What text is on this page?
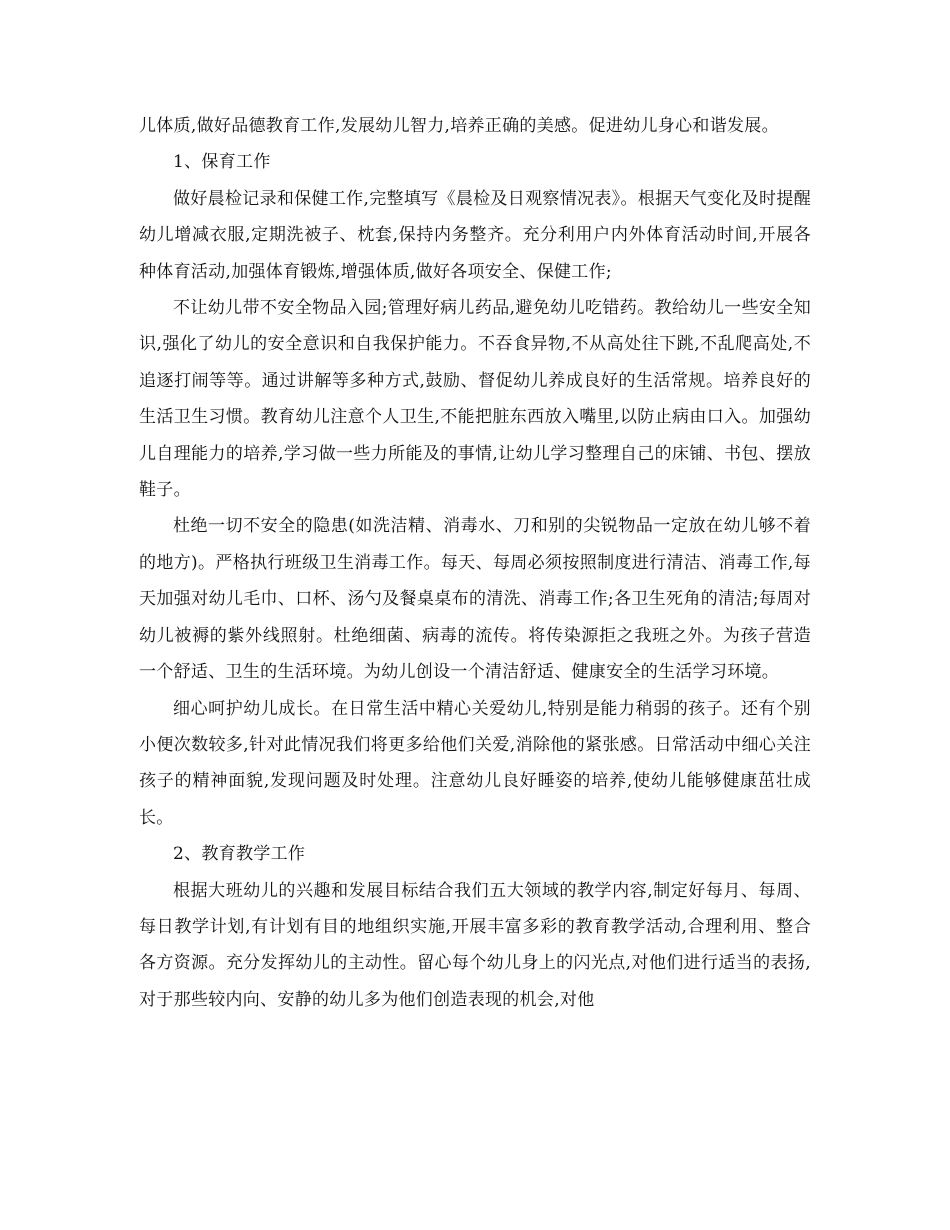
儿体质,做好品德教育工作,发展幼儿智力,培养正确的美感。促进幼儿身心和谐发展。

1、保育工作

做好晨检记录和保健工作,完整填写《晨检及日观察情况表》。根据天气变化及时提醒幼儿增减衣服,定期洗被子、枕套,保持内务整齐。充分利用户内外体育活动时间,开展各种体育活动,加强体育锻炼,增强体质,做好各项安全、保健工作;

不让幼儿带不安全物品入园;管理好病儿药品,避免幼儿吃错药。教给幼儿一些安全知识,强化了幼儿的安全意识和自我保护能力。不吞食异物,不从高处往下跳,不乱爬高处,不追逐打闹等等。通过讲解等多种方式,鼓励、督促幼儿养成良好的生活常规。培养良好的生活卫生习惯。教育幼儿注意个人卫生,不能把脏东西放入嘴里,以防止病由口入。加强幼儿自理能力的培养,学习做一些力所能及的事情,让幼儿学习整理自己的床铺、书包、摆放鞋子。

杜绝一切不安全的隐患(如洗洁精、消毒水、刀和别的尖锐物品一定放在幼儿够不着的地方)。严格执行班级卫生消毒工作。每天、每周必须按照制度进行清洁、消毒工作,每天加强对幼儿毛巾、口杯、汤勺及餐桌桌布的清洗、消毒工作;各卫生死角的清洁;每周对幼儿被褥的紫外线照射。杜绝细菌、病毒的流传。将传染源拒之我班之外。为孩子营造一个舒适、卫生的生活环境。为幼儿创设一个清洁舒适、健康安全的生活学习环境。

细心呵护幼儿成长。在日常生活中精心关爱幼儿,特别是能力稍弱的孩子。还有个别小便次数较多,针对此情况我们将更多给他们关爱,消除他的紧张感。日常活动中细心关注孩子的精神面貌,发现问题及时处理。注意幼儿良好睡姿的培养,使幼儿能够健康茁壮成长。

2、教育教学工作

根据大班幼儿的兴趣和发展目标结合我们五大领域的教学内容,制定好每月、每周、每日教学计划,有计划有目的地组织实施,开展丰富多彩的教育教学活动,合理利用、整合各方资源。充分发挥幼儿的主动性。留心每个幼儿身上的闪光点,对他们进行适当的表扬,对于那些较内向、安静的幼儿多为他们创造表现的机会,对他
